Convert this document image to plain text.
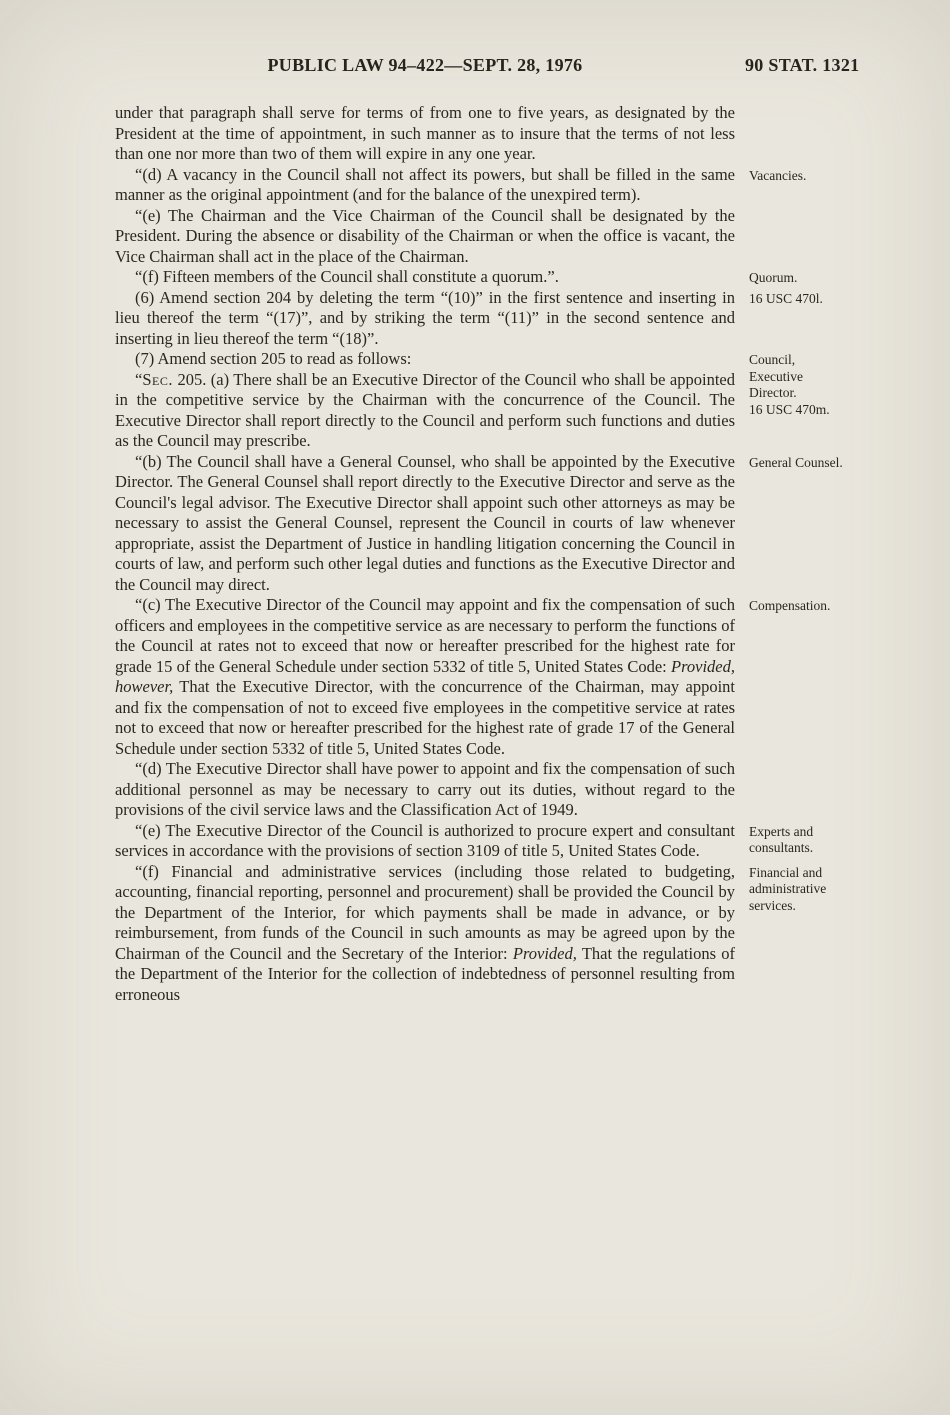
PUBLIC LAW 94–422—SEPT. 28, 1976	90 STAT. 1321
under that paragraph shall serve for terms of from one to five years, as designated by the President at the time of appointment, in such manner as to insure that the terms of not less than one nor more than two of them will expire in any one year.
“(d) A vacancy in the Council shall not affect its powers, but shall be filled in the same manner as the original appointment (and for the balance of the unexpired term).
Vacancies.
“(e) The Chairman and the Vice Chairman of the Council shall be designated by the President. During the absence or disability of the Chairman or when the office is vacant, the Vice Chairman shall act in the place of the Chairman.
“(f) Fifteen members of the Council shall constitute a quorum.”.	Quorum.
(6) Amend section 204 by deleting the term “(10)” in the first sentence and inserting in lieu thereof the term “(17)”, and by striking the term “(11)” in the second sentence and inserting in lieu thereof the term “(18)”.
16 USC 470l.
(7) Amend section 205 to read as follows:	Council,
Executive
Director.
16 USC 470m.
“Sec. 205. (a) There shall be an Executive Director of the Council who shall be appointed in the competitive service by the Chairman with the concurrence of the Council. The Executive Director shall report directly to the Council and perform such functions and duties as the Council may prescribe.
“(b) The Council shall have a General Counsel, who shall be appointed by the Executive Director. The General Counsel shall report directly to the Executive Director and serve as the Council's legal advisor. The Executive Director shall appoint such other attorneys as may be necessary to assist the General Counsel, represent the Council in courts of law whenever appropriate, assist the Department of Justice in handling litigation concerning the Council in courts of law, and perform such other legal duties and functions as the Executive Director and the Council may direct.
General Counsel.
“(c) The Executive Director of the Council may appoint and fix the compensation of such officers and employees in the competitive service as are necessary to perform the functions of the Council at rates not to exceed that now or hereafter prescribed for the highest rate for grade 15 of the General Schedule under section 5332 of title 5, United States Code: Provided, however, That the Executive Director, with the concurrence of the Chairman, may appoint and fix the compensation of not to exceed five employees in the competitive service at rates not to exceed that now or hereafter prescribed for the highest rate of grade 17 of the General Schedule under section 5332 of title 5, United States Code.
Compensation.
“(d) The Executive Director shall have power to appoint and fix the compensation of such additional personnel as may be necessary to carry out its duties, without regard to the provisions of the civil service laws and the Classification Act of 1949.
“(e) The Executive Director of the Council is authorized to procure expert and consultant services in accordance with the provisions of section 3109 of title 5, United States Code.
Experts and
consultants.
“(f) Financial and administrative services (including those related to budgeting, accounting, financial reporting, personnel and procurement) shall be provided the Council by the Department of the Interior, for which payments shall be made in advance, or by reimbursement, from funds of the Council in such amounts as may be agreed upon by the Chairman of the Council and the Secretary of the Interior: Provided, That the regulations of the Department of the Interior for the collection of indebtedness of personnel resulting from erroneous
Financial and
administrative
services.
